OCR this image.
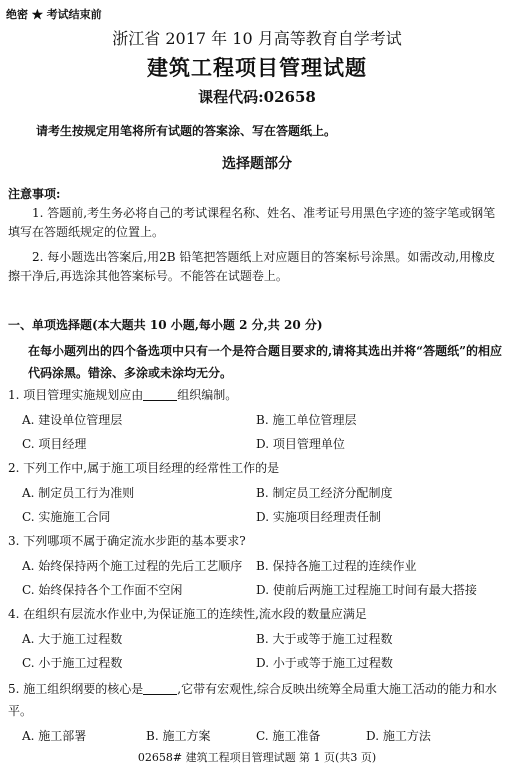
绝密 ★ 考试结束前
浙江省 2017 年 10 月高等教育自学考试
建筑工程项目管理试题
课程代码:02658
请考生按规定用笔将所有试题的答案涂、写在答题纸上。
选择题部分
注意事项:
1. 答题前,考生务必将自己的考试课程名称、姓名、准考证号用黑色字迹的签字笔或钢笔填写在答题纸规定的位置上。
2. 每小题选出答案后,用2B 铅笔把答题纸上对应题目的答案标号涂黑。如需改动,用橡皮擦干净后,再选涂其他答案标号。不能答在试题卷上。
一、单项选择题(本大题共 10 小题,每小题 2 分,共 20 分)
在每小题列出的四个备选项中只有一个是符合题目要求的,请将其选出并将“答题纸”的相应代码涂黑。错涂、多涂或未涂均无分。
1. 项目管理实施规划应由	组织编制。
A. 建设单位管理层	B. 施工单位管理层
C. 项目经理	D. 项目管理单位
2. 下列工作中,属于施工项目经理的经常性工作的是
A. 制定员工行为准则	B. 制定员工经济分配制度
C. 实施施工合同	D. 实施项目经理责任制
3. 下列哪项不属于确定流水步距的基本要求?
A. 始终保持两个施工过程的先后工艺顺序 B. 保持各施工过程的连续作业
C. 始终保持各个工作面不空闲	D. 使前后两施工过程施工时间有最大搭接
4. 在组织有层流水作业中,为保证施工的连续性,流水段的数量应满足
A. 大于施工过程数	B. 大于或等于施工过程数
C. 小于施工过程数	D. 小于或等于施工过程数
5. 施工组织纲要的核心是	,它带有宏观性,综合反映出统筹全局重大施工活动的能力和水平。
A. 施工部署	B. 施工方案	C. 施工准备	D. 施工方法
02658# 建筑工程项目管理试题 第 1 页(共3 页)
